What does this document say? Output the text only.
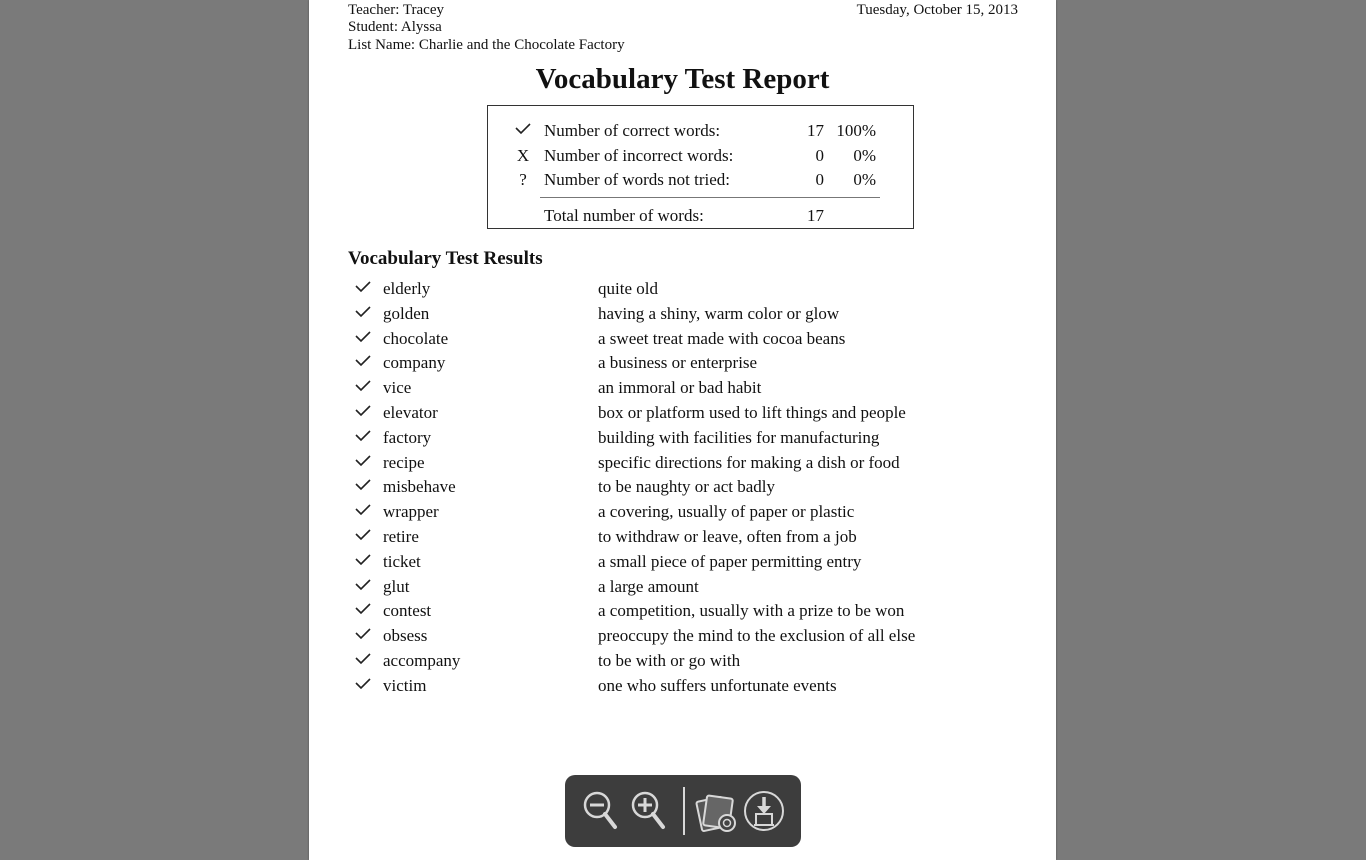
Teacher: Tracey
Student: Alyssa
List Name: Charlie and the Chocolate Factory
Tuesday, October 15, 2013
Vocabulary Test Report
Number of correct words:	17 100%
X Number of incorrect words:	0	0%
?	Number of words not tried:	0	0%
Total number of words:	17
Vocabulary Test Results
elderly	quite old
golden	having a shiny, warm color or glow
chocolate	a sweet treat made with cocoa beans
company	a business or enterprise
vice	an immoral or bad habit
elevator	box or platform used to lift things and people
factory	building with facilities for manufacturing
recipe	specific directions for making a dish or food
misbehave	to be naughty or act badly
wrapper	a covering, usually of paper or plastic
retire	to withdraw or leave, often from a job
ticket	a small piece of paper permitting entry
glut	a large amount
contest	a competition, usually with a prize to be won
obsess	preoccupy the mind to the exclusion of all else
accompany	to be with or go with
victim	one who suffers unfortunate events
